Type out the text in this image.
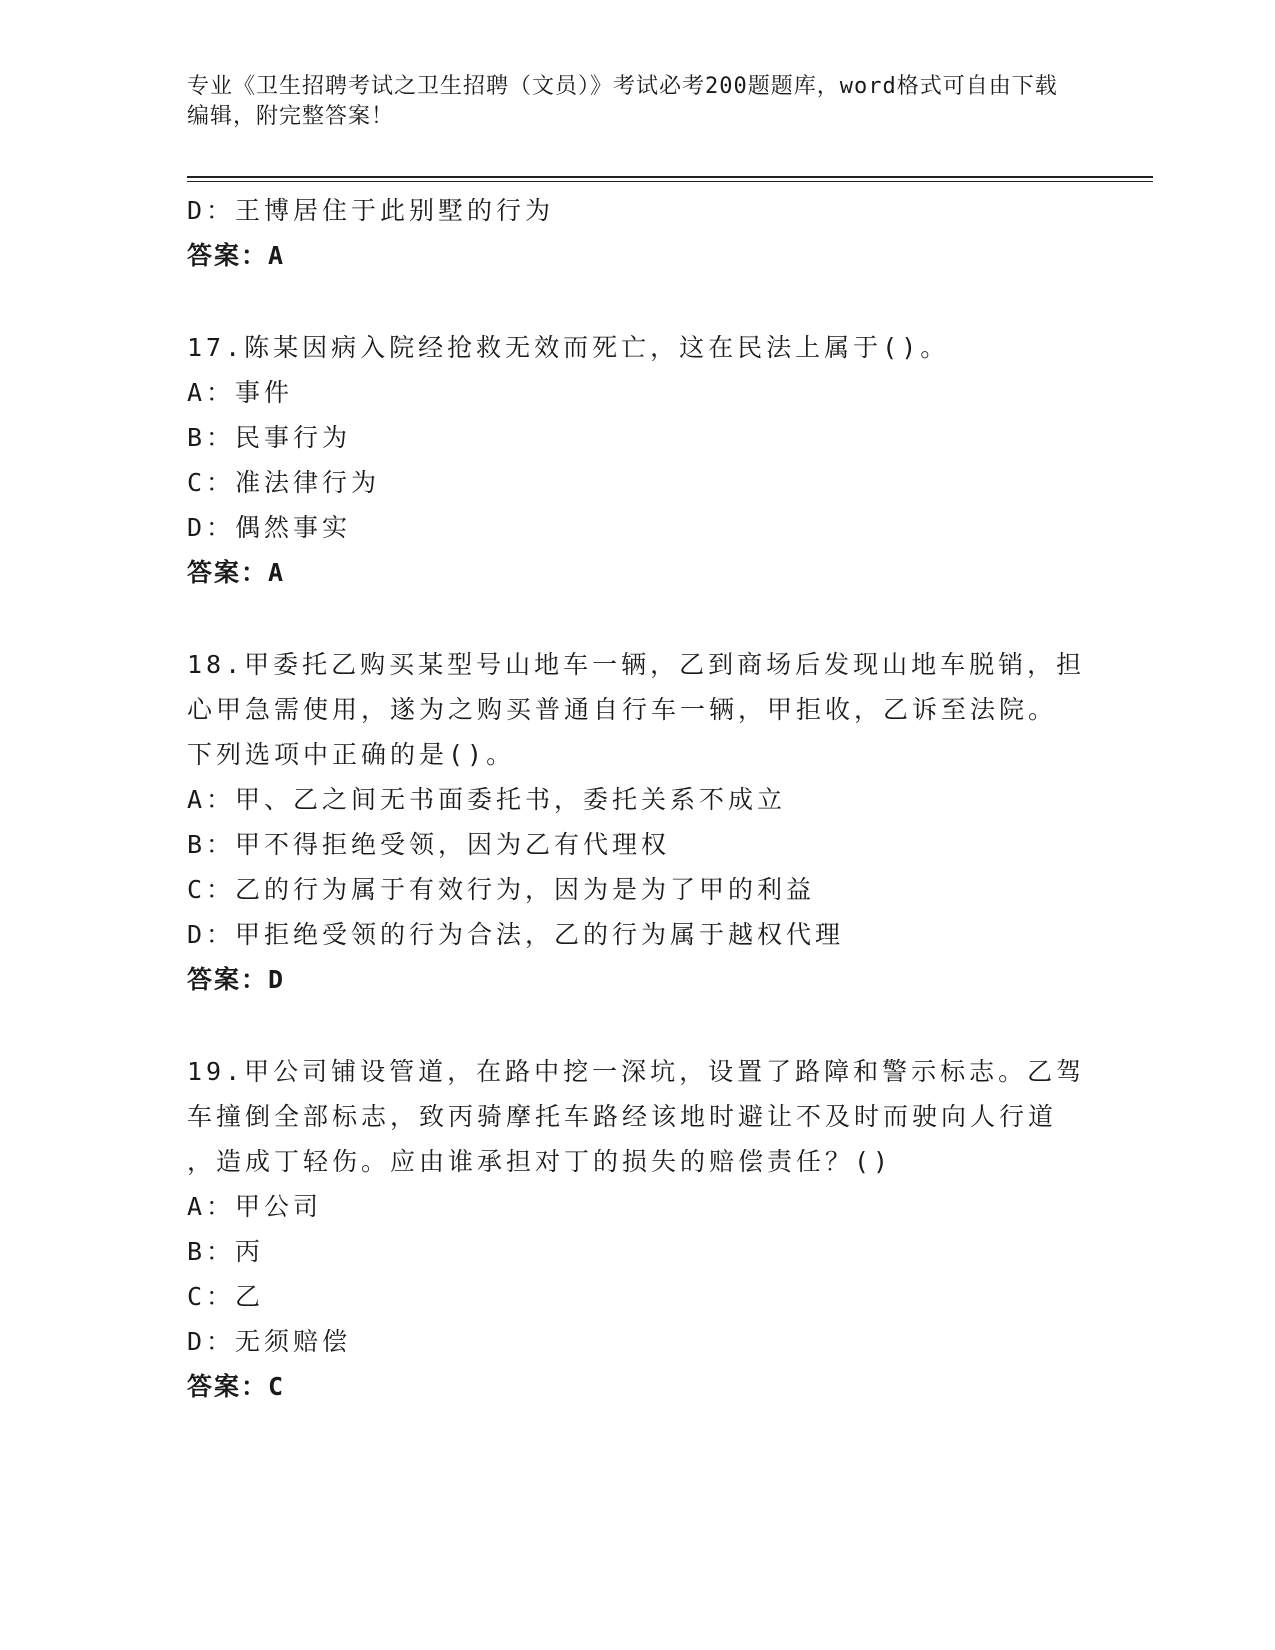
专业《卫生招聘考试之卫生招聘（文员）》考试必考200题题库，word格式可自由下载编辑，附完整答案！
D：王博居住于此别墅的行为
答案：A
17.陈某因病入院经抢救无效而死亡，这在民法上属于()。
A：事件
B：民事行为
C：准法律行为
D：偶然事实
答案：A
18.甲委托乙购买某型号山地车一辆，乙到商场后发现山地车脱销，担
心甲急需使用，遂为之购买普通自行车一辆，甲拒收，乙诉至法院。
下列选项中正确的是()。
A：甲、乙之间无书面委托书，委托关系不成立
B：甲不得拒绝受领，因为乙有代理权
C：乙的行为属于有效行为，因为是为了甲的利益
D：甲拒绝受领的行为合法，乙的行为属于越权代理
答案：D
19.甲公司铺设管道，在路中挖一深坑，设置了路障和警示标志。乙驾
车撞倒全部标志，致丙骑摩托车路经该地时避让不及时而驶向人行道
，造成丁轻伤。应由谁承担对丁的损失的赔偿责任？()
A：甲公司
B：丙
C：乙
D：无须赔偿
答案：C
